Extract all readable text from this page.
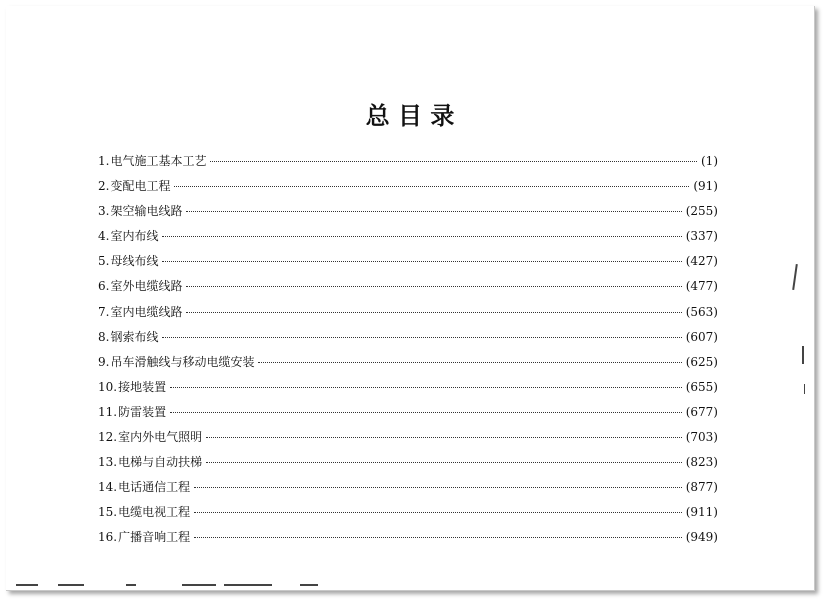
总 目 录
1. 电气施工基本工艺	(1)
2. 变配电工程	(91)
3. 架空输电线路	(255)
4. 室内布线	(337)
5. 母线布线	(427)
6. 室外电缆线路	(477)
7. 室内电缆线路	(563)
8. 钢索布线	(607)
9. 吊车滑触线与移动电缆安装	(625)
10. 接地装置	(655)
11. 防雷装置	(677)
12. 室内外电气照明	(703)
13. 电梯与自动扶梯	(823)
14. 电话通信工程	(877)
15. 电缆电视工程	(911)
16. 广播音响工程	(949)
